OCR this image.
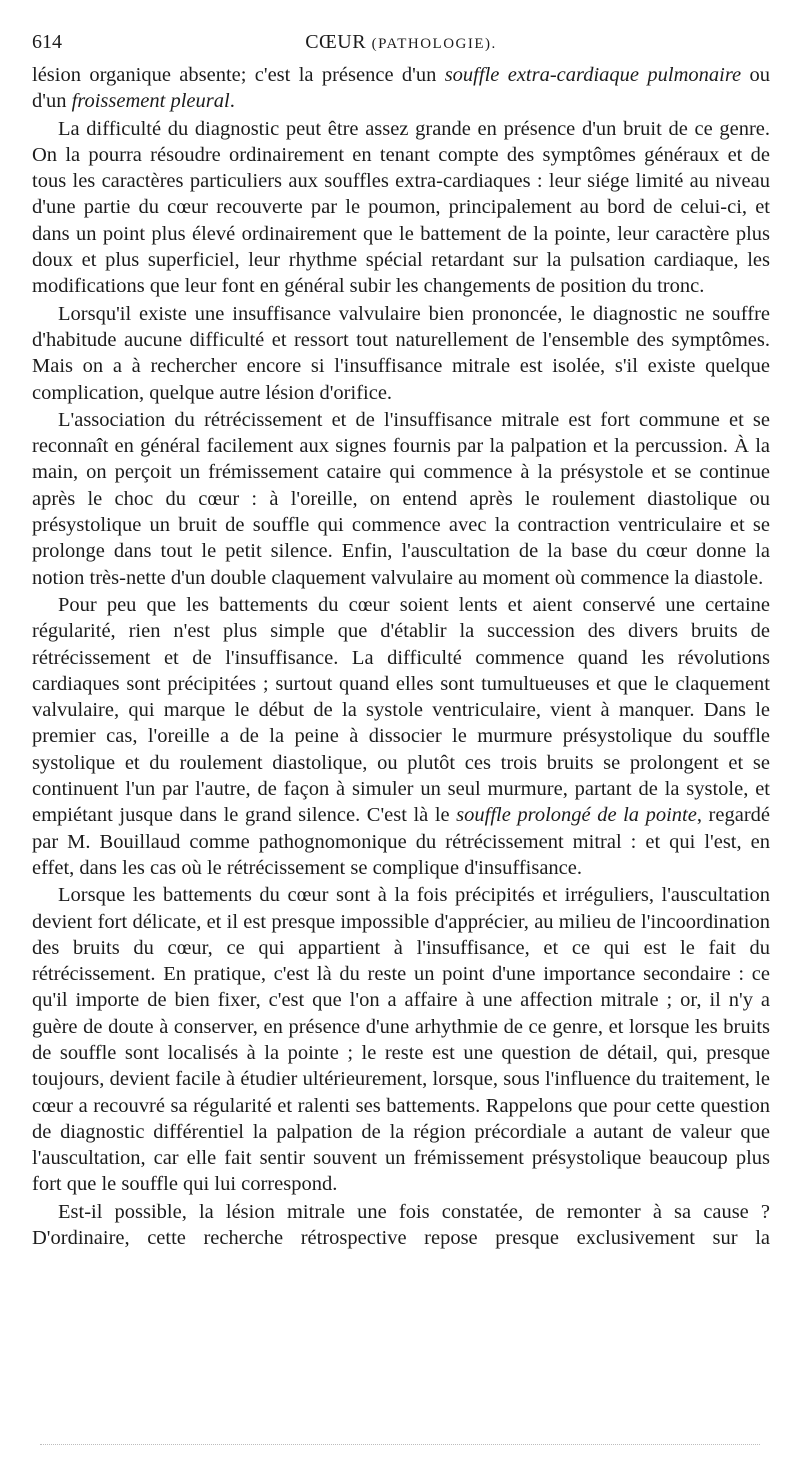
614	CŒUR (PATHOLOGIE).

lésion organique absente; c'est la présence d'un souffle extra-cardiaque pulmonaire ou d'un froissement pleural.

La difficulté du diagnostic peut être assez grande en présence d'un bruit de ce genre. On la pourra résoudre ordinairement en tenant compte des symptômes généraux et de tous les caractères particuliers aux souffles extra-cardiaques : leur siége limité au niveau d'une partie du cœur recouverte par le poumon, principalement au bord de celui-ci, et dans un point plus élevé ordinairement que le battement de la pointe, leur caractère plus doux et plus superficiel, leur rhythme spécial retardant sur la pulsation cardiaque, les modifications que leur font en général subir les changements de position du tronc.

Lorsqu'il existe une insuffisance valvulaire bien prononcée, le diagnostic ne souffre d'habitude aucune difficulté et ressort tout naturellement de l'ensemble des symptômes. Mais on a à rechercher encore si l'insuffisance mitrale est isolée, s'il existe quelque complication, quelque autre lésion d'orifice.

L'association du rétrécissement et de l'insuffisance mitrale est fort commune et se reconnaît en général facilement aux signes fournis par la palpation et la percussion. À la main, on perçoit un frémissement cataire qui commence à la présystole et se continue après le choc du cœur : à l'oreille, on entend après le roulement diastolique ou présystolique un bruit de souffle qui commence avec la contraction ventriculaire et se prolonge dans tout le petit silence. Enfin, l'auscultation de la base du cœur donne la notion très-nette d'un double claquement valvulaire au moment où commence la diastole.

Pour peu que les battements du cœur soient lents et aient conservé une certaine régularité, rien n'est plus simple que d'établir la succession des divers bruits de rétrécissement et de l'insuffisance. La difficulté commence quand les révolutions cardiaques sont précipitées ; surtout quand elles sont tumultueuses et que le claquement valvulaire, qui marque le début de la systole ventriculaire, vient à manquer. Dans le premier cas, l'oreille a de la peine à dissocier le murmure présystolique du souffle systolique et du roulement diastolique, ou plutôt ces trois bruits se prolongent et se continuent l'un par l'autre, de façon à simuler un seul murmure, partant de la systole, et empiétant jusque dans le grand silence. C'est là le souffle prolongé de la pointe, regardé par M. Bouillaud comme pathognomonique du rétrécissement mitral : et qui l'est, en effet, dans les cas où le rétrécissement se complique d'insuffisance.

Lorsque les battements du cœur sont à la fois précipités et irréguliers, l'auscultation devient fort délicate, et il est presque impossible d'apprécier, au milieu de l'incoordination des bruits du cœur, ce qui appartient à l'insuffisance, et ce qui est le fait du rétrécissement. En pratique, c'est là du reste un point d'une importance secondaire : ce qu'il importe de bien fixer, c'est que l'on a affaire à une affection mitrale ; or, il n'y a guère de doute à conserver, en présence d'une arhythmie de ce genre, et lorsque les bruits de souffle sont localisés à la pointe ; le reste est une question de détail, qui, presque toujours, devient facile à étudier ultérieurement, lorsque, sous l'influence du traitement, le cœur a recouvré sa régularité et ralenti ses battements. Rappelons que pour cette question de diagnostic différentiel la palpation de la région précordiale a autant de valeur que l'auscultation, car elle fait sentir souvent un frémissement présystolique beaucoup plus fort que le souffle qui lui correspond.

Est-il possible, la lésion mitrale une fois constatée, de remonter à sa cause ? D'ordinaire, cette recherche rétrospective repose presque exclusivement sur la
